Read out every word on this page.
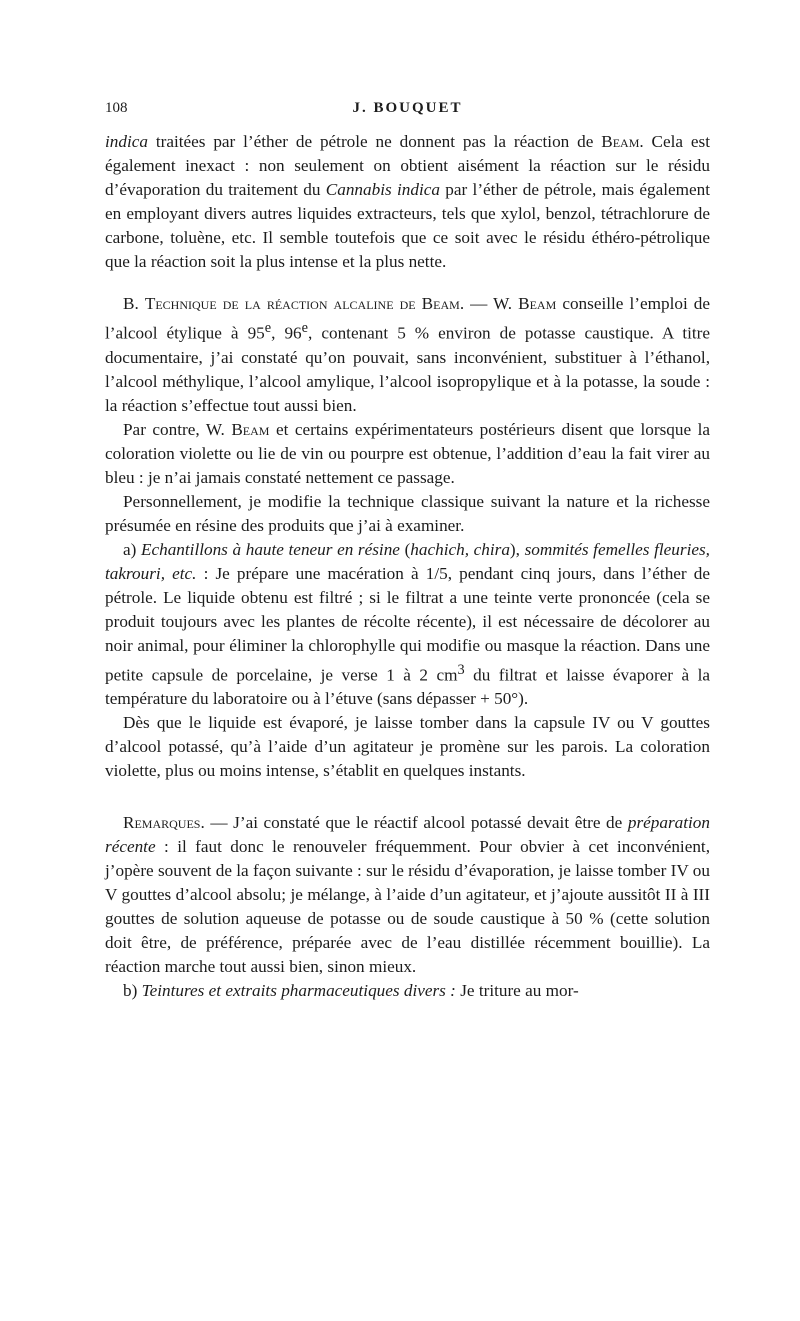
108	J. BOUQUET

indica traitées par l’éther de pétrole ne donnent pas la réaction de Beam. Cela est également inexact : non seulement on obtient aisément la réaction sur le résidu d’évaporation du traitement du Cannabis indica par l’éther de pétrole, mais également en employant divers autres liquides extracteurs, tels que xylol, benzol, tétrachlorure de carbone, toluène, etc. Il semble toutefois que ce soit avec le résidu éthéro-pétrolique que la réaction soit la plus intense et la plus nette.

B. Technique de la réaction alcaline de Beam. — W. Beam conseille l’emploi de l’alcool étylique à 95e, 96e, contenant 5 % environ de potasse caustique. A titre documentaire, j’ai constaté qu’on pouvait, sans inconvénient, substituer à l’éthanol, l’alcool méthylique, l’alcool amylique, l’alcool isopropylique et à la potasse, la soude : la réaction s’effectue tout aussi bien.

Par contre, W. Beam et certains expérimentateurs postérieurs disent que lorsque la coloration violette ou lie de vin ou pourpre est obtenue, l’addition d’eau la fait virer au bleu : je n’ai jamais constaté nettement ce passage.

Personnellement, je modifie la technique classique suivant la nature et la richesse présumée en résine des produits que j’ai à examiner.

a) Echantillons à haute teneur en résine (hachich, chira), sommités femelles fleuries, takrouri, etc. : Je prépare une macération à 1/5, pendant cinq jours, dans l’éther de pétrole. Le liquide obtenu est filtré ; si le filtrat a une teinte verte prononcée (cela se produit toujours avec les plantes de récolte récente), il est nécessaire de décolorer au noir animal, pour éliminer la chlorophylle qui modifie ou masque la réaction. Dans une petite capsule de porcelaine, je verse 1 à 2 $cm^3$ du filtrat et laisse évaporer à la température du laboratoire ou à l’étuve (sans dépasser + 50°).

Dès que le liquide est évaporé, je laisse tomber dans la capsule IV ou V gouttes d’alcool potassé, qu’à l’aide d’un agitateur je promène sur les parois. La coloration violette, plus ou moins intense, s’établit en quelques instants.

Remarques. — J’ai constaté que le réactif alcool potassé devait être de préparation récente : il faut donc le renouveler fréquemment. Pour obvier à cet inconvénient, j’opère souvent de la façon suivante : sur le résidu d’évaporation, je laisse tomber IV ou V gouttes d’alcool absolu; je mélange, à l’aide d’un agitateur, et j’ajoute aussitôt II à III gouttes de solution aqueuse de potasse ou de soude caustique à 50 % (cette solution doit être, de préférence, préparée avec de l’eau distillée récemment bouillie). La réaction marche tout aussi bien, sinon mieux.

b) Teintures et extraits pharmaceutiques divers : Je triture au mor-
